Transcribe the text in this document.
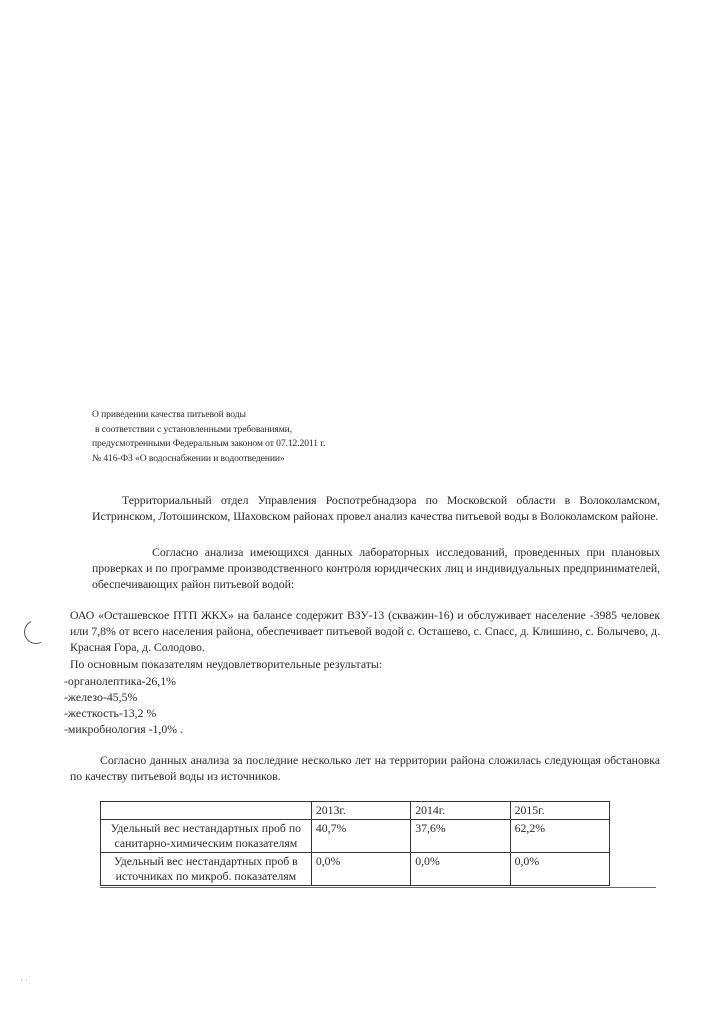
О приведении качества питьевой воды
в соответствии с установленными требованиями,
предусмотренными Федеральным законом от 07.12.2011 г.
№ 416-ФЗ «О водоснабжении и водоотведении»
Территориальный отдел Управления Роспотребнадзора по Московской области в Волоколамском, Истринском, Лотошинском, Шаховском районах провел анализ качества питьевой воды в Волоколамском районе.
Согласно анализа имеющихся данных лабораторных исследований, проведенных при плановых проверках и по программе производственного контроля юридических лиц и индивидуальных предпринимателей, обеспечивающих район питьевой водой:
ОАО «Осташевское ПТП ЖКХ» на балансе содержит ВЗУ-13 (скважин-16) и обслуживает население -3985 человек или 7,8% от всего населения района, обеспечивает питьевой водой с. Осташево, с. Спасс, д. Клишино, с. Болычево, д. Красная Гора, д. Солодово.
По основным показателям неудовлетворительные результаты:
-органолептика-26,1%
-железо-45,5%
-жесткость-13,2 %
-микробнология -1,0% .
Согласно данных анализа за последние несколько лет на территории района сложилась следующая обстановка по качеству питьевой воды из источников.
	2013г.	2014г.	2015г.
Удельный вес нестандартных проб по санитарно-химическим показателям	40,7%	37,6%	62,2%
Удельный вес нестандартных проб в источниках по микроб. показателям	0,0%	0,0%	0,0%
· ·˙
